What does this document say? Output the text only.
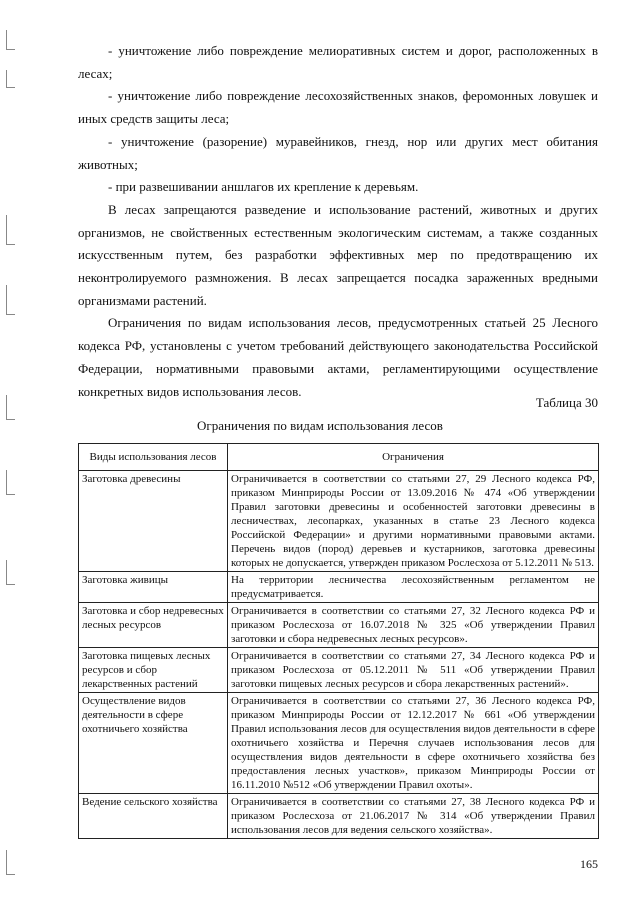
- уничтожение либо повреждение мелиоративных систем и дорог, расположенных в лесах;

- уничтожение либо повреждение лесохозяйственных знаков, феромонных ловушек и иных средств защиты леса;

- уничтожение (разорение) муравейников, гнезд, нор или других мест обитания животных;

- при развешивании аншлагов их крепление к деревьям.

В лесах запрещаются разведение и использование растений, животных и других организмов, не свойственных естественным экологическим системам, а также созданных искусственным путем, без разработки эффективных мер по предотвращению их неконтролируемого размножения. В лесах запрещается посадка зараженных вредными организмами растений.

Ограничения по видам использования лесов, предусмотренных статьей 25 Лесного кодекса РФ, установлены с учетом требований действующего законодательства Российской Федерации, нормативными правовыми актами, регламентирующими осуществление конкретных видов использования лесов.

Таблица 30
Ограничения по видам использования лесов
Виды использования лесов	Ограничения
Заготовка древесины	Ограничивается в соответствии со статьями 27, 29 Лесного кодекса РФ, приказом Минприроды России от 13.09.2016 № 474 «Об утверждении Правил заготовки древесины и особенностей заготовки древесины в лесничествах, лесопарках, указанных в статье 23 Лесного кодекса Российской Федерации» и другими нормативными правовыми актами. Перечень видов (пород) деревьев и кустарников, заготовка древесины которых не допускается, утвержден приказом Рослесхоза от 5.12.2011 № 513.
Заготовка живицы	На территории лесничества лесохозяйственным регламентом не предусматривается.
Заготовка и сбор недревесных лесных ресурсов	Ограничивается в соответствии со статьями 27, 32 Лесного кодекса РФ и приказом Рослесхоза от 16.07.2018 № 325 «Об утверждении Правил заготовки и сбора недревесных лесных ресурсов».
Заготовка пищевых лесных ресурсов и сбор лекарственных растений	Ограничивается в соответствии со статьями 27, 34 Лесного кодекса РФ и приказом Рослесхоза от 05.12.2011 № 511 «Об утверждении Правил заготовки пищевых лесных ресурсов и сбора лекарственных растений».
Осуществление видов деятельности в сфере охотничьего хозяйства	Ограничивается в соответствии со статьями 27, 36 Лесного кодекса РФ, приказом Минприроды России от 12.12.2017 № 661 «Об утверждении Правил использования лесов для осуществления видов деятельности в сфере охотничьего хозяйства и Перечня случаев использования лесов для осуществления видов деятельности в сфере охотничьего хозяйства без предоставления лесных участков», приказом Минприроды России от 16.11.2010 №512 «Об утверждении Правил охоты».
Ведение сельского хозяйства	Ограничивается в соответствии со статьями 27, 38 Лесного кодекса РФ и приказом Рослесхоза от 21.06.2017 № 314 «Об утверждении Правил использования лесов для ведения сельского хозяйства».
165
